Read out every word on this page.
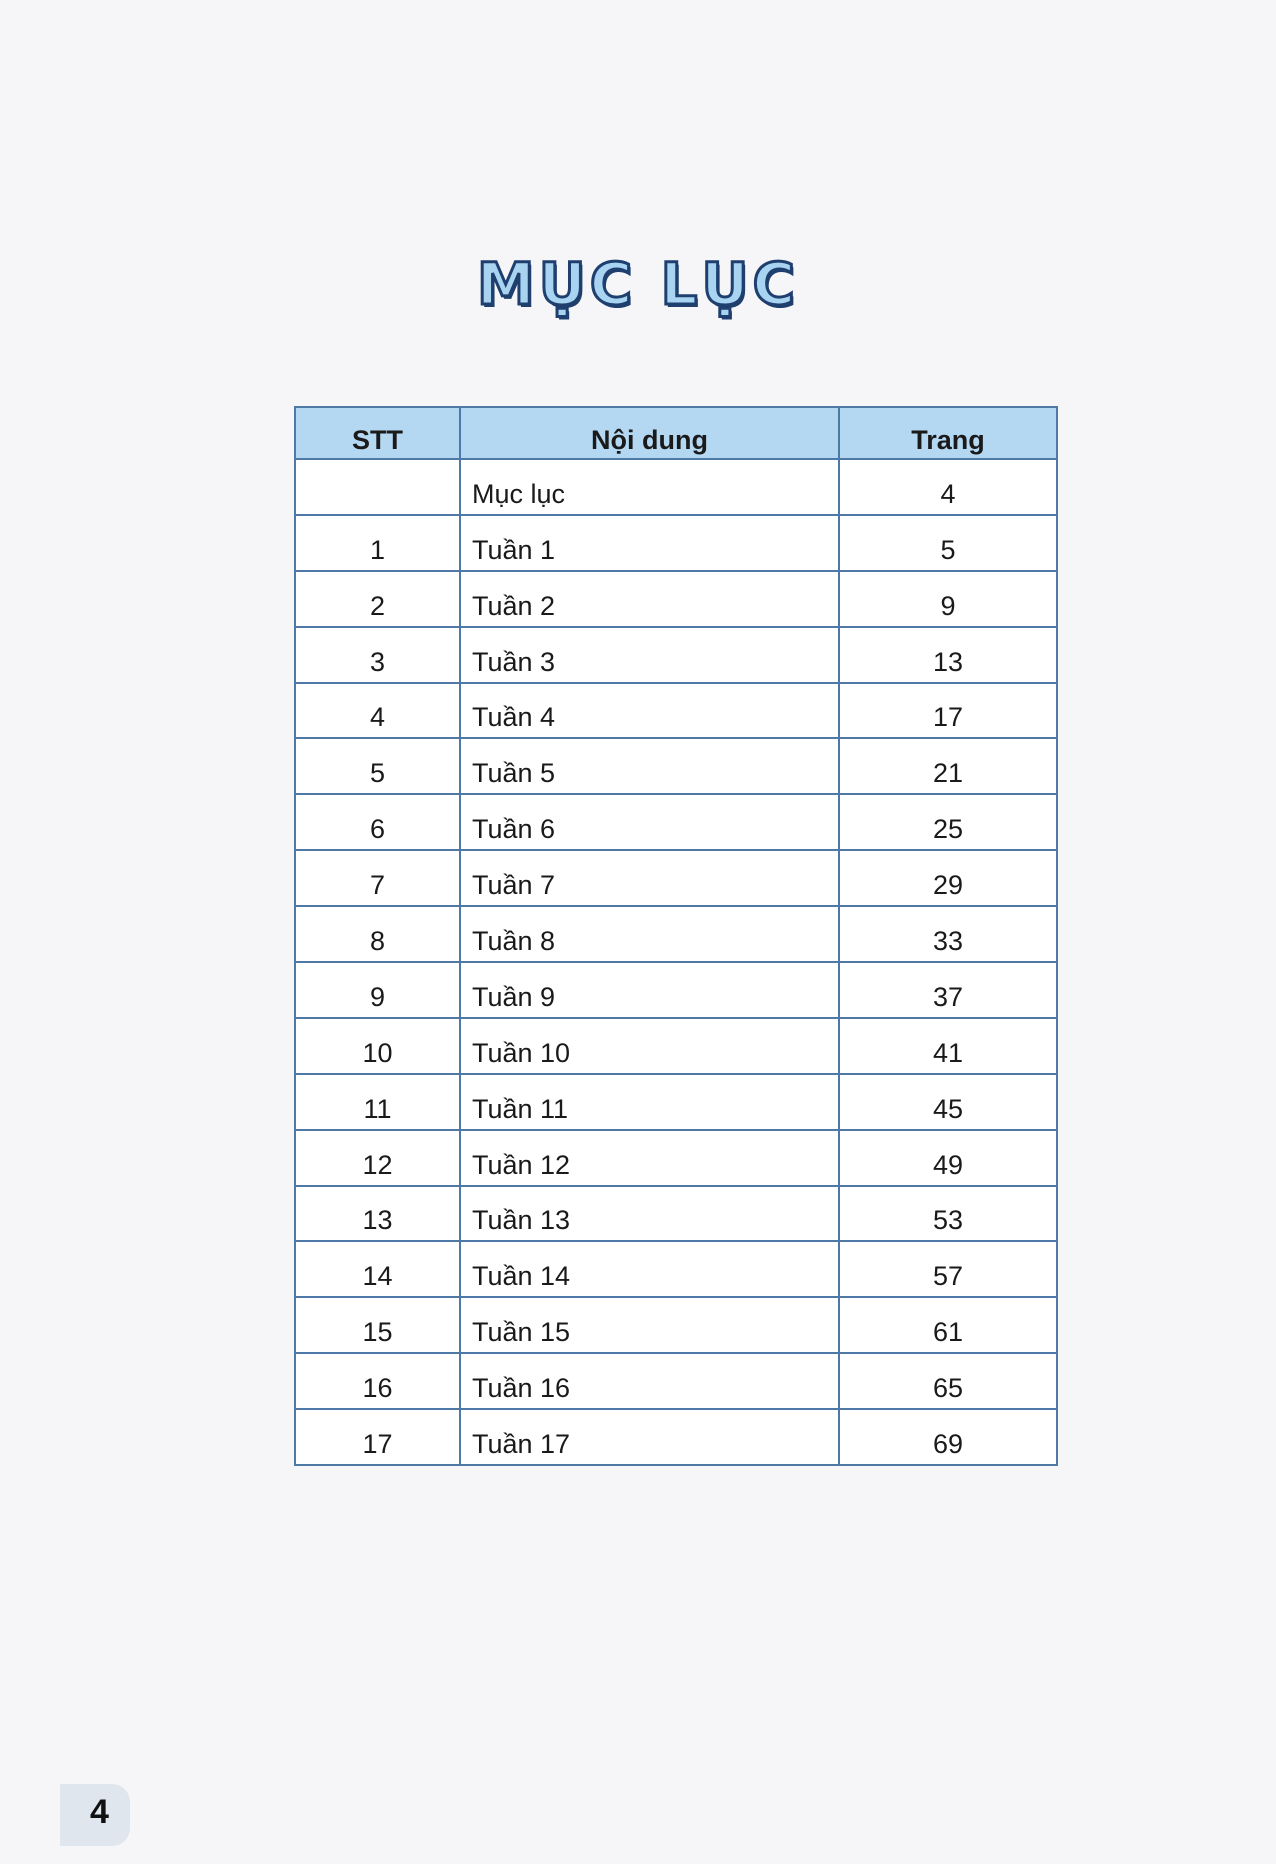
MỤC LỤC
STT	Nội dung	Trang
	Mục lục	4
1	Tuần 1	5
2	Tuần 2	9
3	Tuần 3	13
4	Tuần 4	17
5	Tuần 5	21
6	Tuần 6	25
7	Tuần 7	29
8	Tuần 8	33
9	Tuần 9	37
10	Tuần 10	41
11	Tuần 11	45
12	Tuần 12	49
13	Tuần 13	53
14	Tuần 14	57
15	Tuần 15	61
16	Tuần 16	65
17	Tuần 17	69
4
